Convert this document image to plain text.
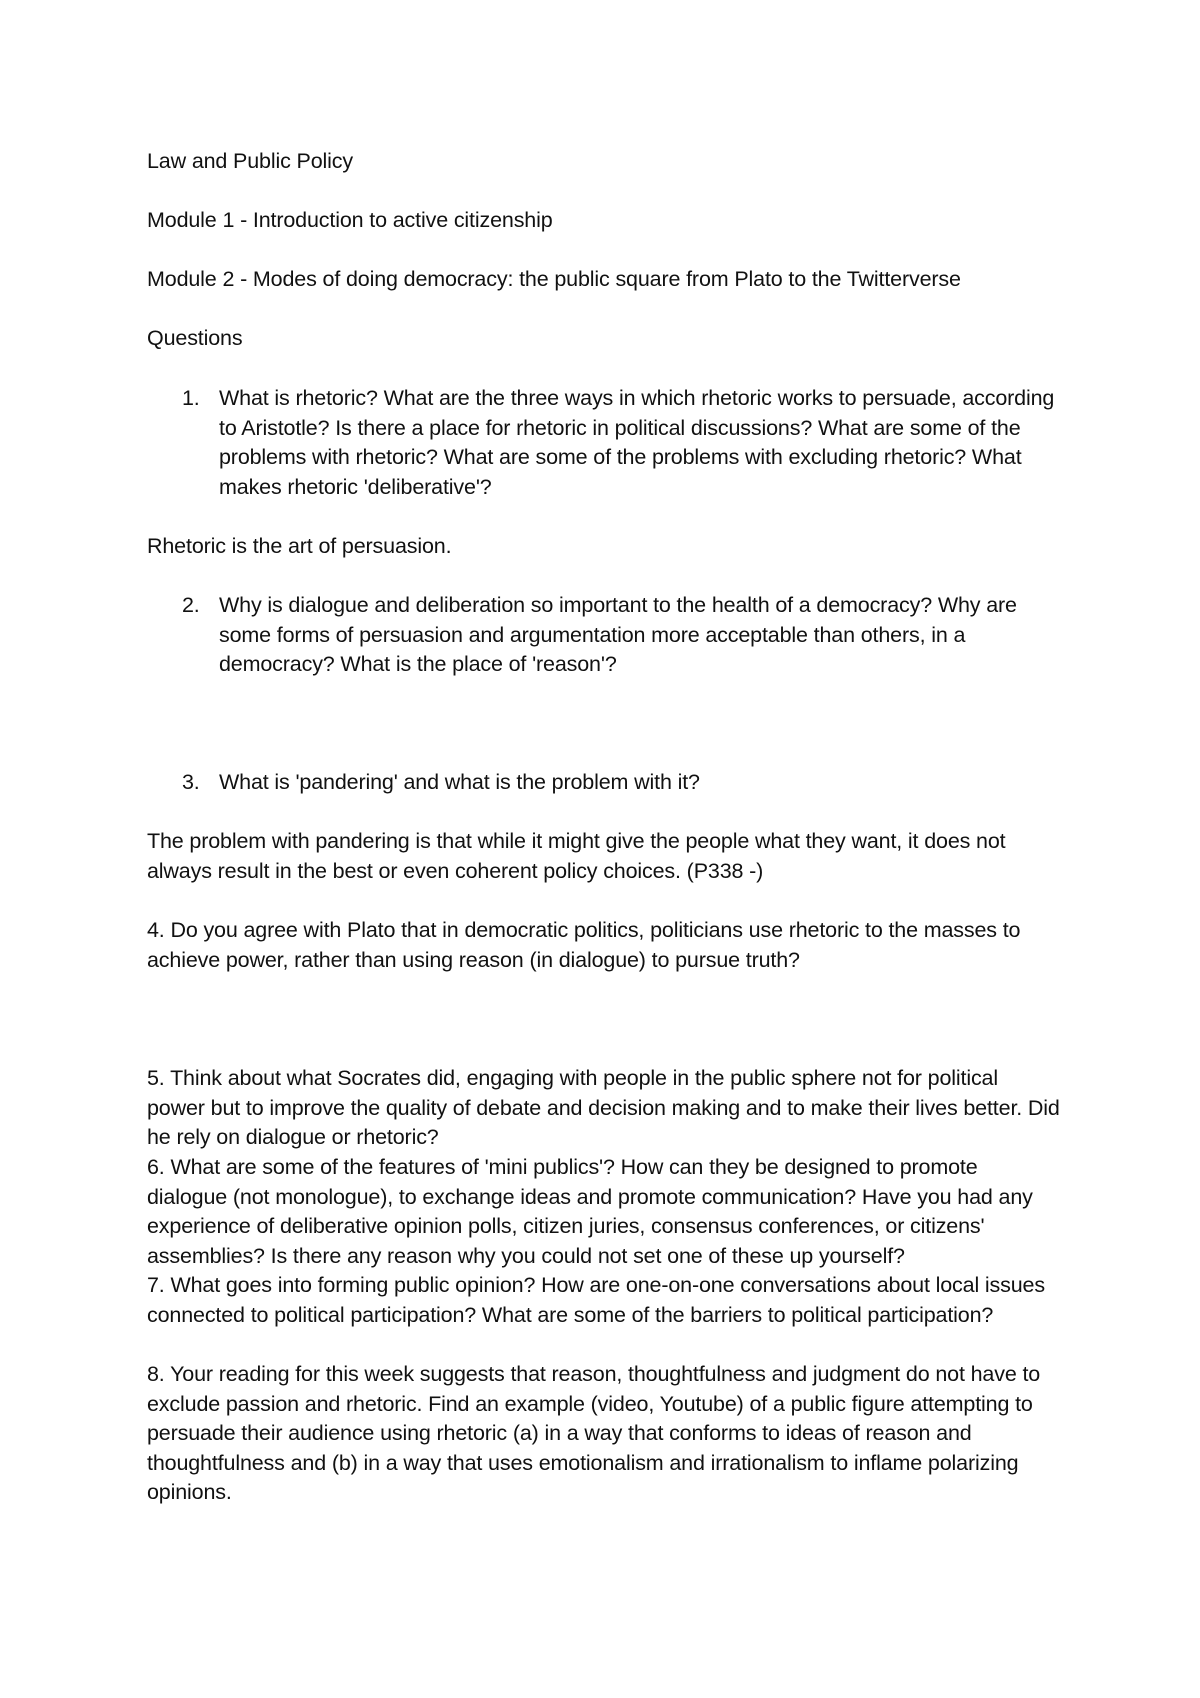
Law and Public Policy

Module 1 - Introduction to active citizenship

Module 2 - Modes of doing democracy: the public square from Plato to the Twitterverse

Questions

1. What is rhetoric? What are the three ways in which rhetoric works to persuade, according to Aristotle? Is there a place for rhetoric in political discussions? What are some of the problems with rhetoric? What are some of the problems with excluding rhetoric? What makes rhetoric 'deliberative'?

Rhetoric is the art of persuasion.

2. Why is dialogue and deliberation so important to the health of a democracy? Why are some forms of persuasion and argumentation more acceptable than others, in a democracy? What is the place of 'reason'?
3. What is 'pandering' and what is the problem with it?

The problem with pandering is that while it might give the people what they want, it does not always result in the best or even coherent policy choices. (P338 -)

4. Do you agree with Plato that in democratic politics, politicians use rhetoric to the masses to achieve power, rather than using reason (in dialogue) to pursue truth?

5. Think about what Socrates did, engaging with people in the public sphere not for political power but to improve the quality of debate and decision making and to make their lives better. Did he rely on dialogue or rhetoric?

6. What are some of the features of 'mini publics'? How can they be designed to promote dialogue (not monologue), to exchange ideas and promote communication? Have you had any experience of deliberative opinion polls, citizen juries, consensus conferences, or citizens' assemblies? Is there any reason why you could not set one of these up yourself?

7. What goes into forming public opinion? How are one-on-one conversations about local issues connected to political participation? What are some of the barriers to political participation?

8. Your reading for this week suggests that reason, thoughtfulness and judgment do not have to exclude passion and rhetoric. Find an example (video, Youtube) of a public figure attempting to persuade their audience using rhetoric (a) in a way that conforms to ideas of reason and thoughtfulness and (b) in a way that uses emotionalism and irrationalism to inflame polarizing opinions.
